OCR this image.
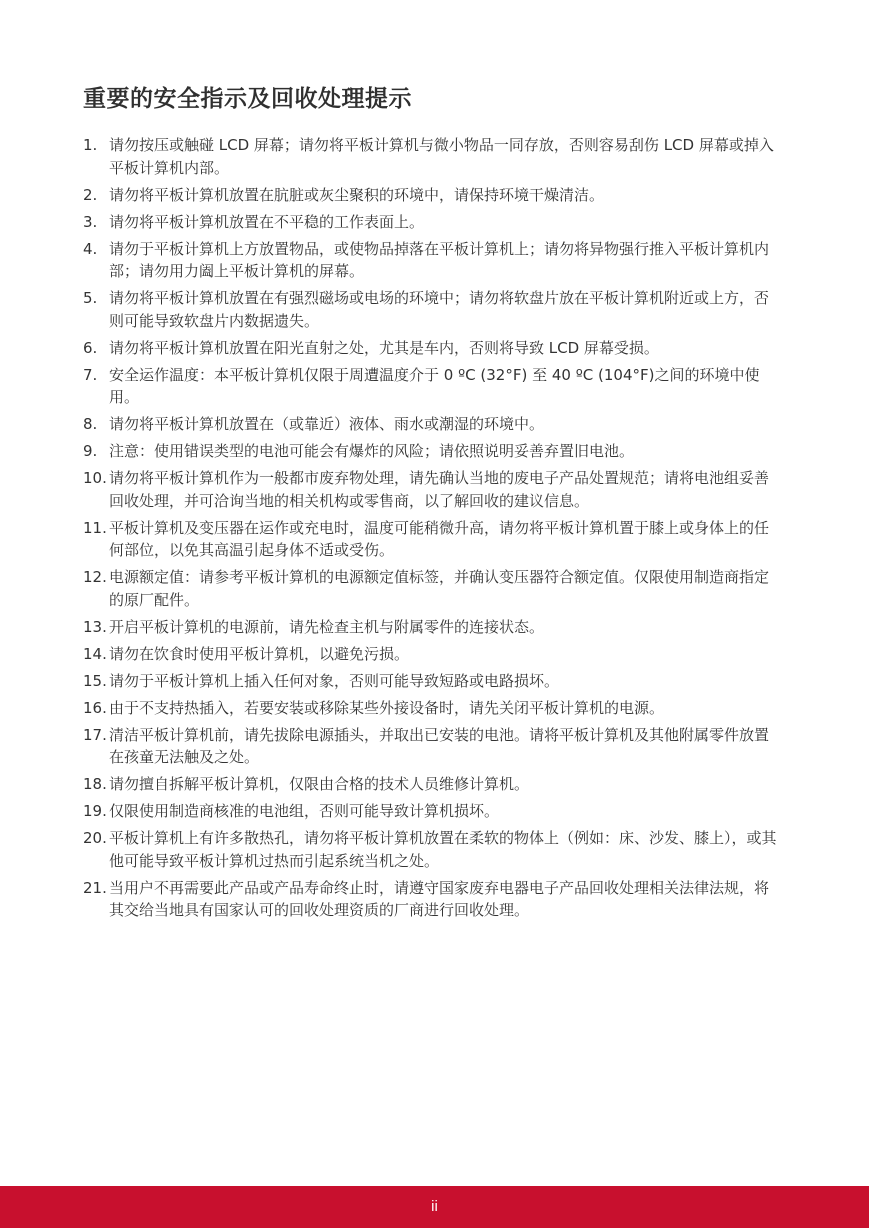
重要的安全指示及回收处理提示
1. 请勿按压或触碰 LCD 屏幕；请勿将平板计算机与微小物品一同存放，否则容易刮伤 LCD 屏幕或掉入平板计算机内部。
2. 请勿将平板计算机放置在肮脏或灰尘聚积的环境中，请保持环境干燥清洁。
3. 请勿将平板计算机放置在不平稳的工作表面上。
4. 请勿于平板计算机上方放置物品，或使物品掉落在平板计算机上；请勿将异物强行推入平板计算机内部；请勿用力阖上平板计算机的屏幕。
5. 请勿将平板计算机放置在有强烈磁场或电场的环境中；请勿将软盘片放在平板计算机附近或上方，否则可能导致软盘片内数据遗失。
6. 请勿将平板计算机放置在阳光直射之处，尤其是车内，否则将导致 LCD 屏幕受损。
7. 安全运作温度：本平板计算机仅限于周遭温度介于 0 ºC (32°F) 至 40 ºC (104°F)之间的环境中使用。
8. 请勿将平板计算机放置在（或靠近）液体、雨水或潮湿的环境中。
9. 注意：使用错误类型的电池可能会有爆炸的风险；请依照说明妥善弃置旧电池。
10. 请勿将平板计算机作为一般都市废弃物处理，请先确认当地的废电子产品处置规范；请将电池组妥善回收处理，并可洽询当地的相关机构或零售商，以了解回收的建议信息。
11. 平板计算机及变压器在运作或充电时，温度可能稍微升高，请勿将平板计算机置于膝上或身体上的任何部位，以免其高温引起身体不适或受伤。
12. 电源额定值：请参考平板计算机的电源额定值标签，并确认变压器符合额定值。仅限使用制造商指定的原厂配件。
13. 开启平板计算机的电源前，请先检查主机与附属零件的连接状态。
14. 请勿在饮食时使用平板计算机，以避免污损。
15. 请勿于平板计算机上插入任何对象，否则可能导致短路或电路损坏。
16. 由于不支持热插入，若要安装或移除某些外接设备时，请先关闭平板计算机的电源。
17. 清洁平板计算机前，请先拔除电源插头，并取出已安装的电池。请将平板计算机及其他附属零件放置在孩童无法触及之处。
18. 请勿擅自拆解平板计算机，仅限由合格的技术人员维修计算机。
19. 仅限使用制造商核准的电池组，否则可能导致计算机损坏。
20. 平板计算机上有许多散热孔，请勿将平板计算机放置在柔软的物体上（例如：床、沙发、膝上），或其他可能导致平板计算机过热而引起系统当机之处。
21. 当用户不再需要此产品或产品寿命终止时，请遵守国家废弃电器电子产品回收处理相关法律法规，将其交给当地具有国家认可的回收处理资质的厂商进行回收处理。
ii
